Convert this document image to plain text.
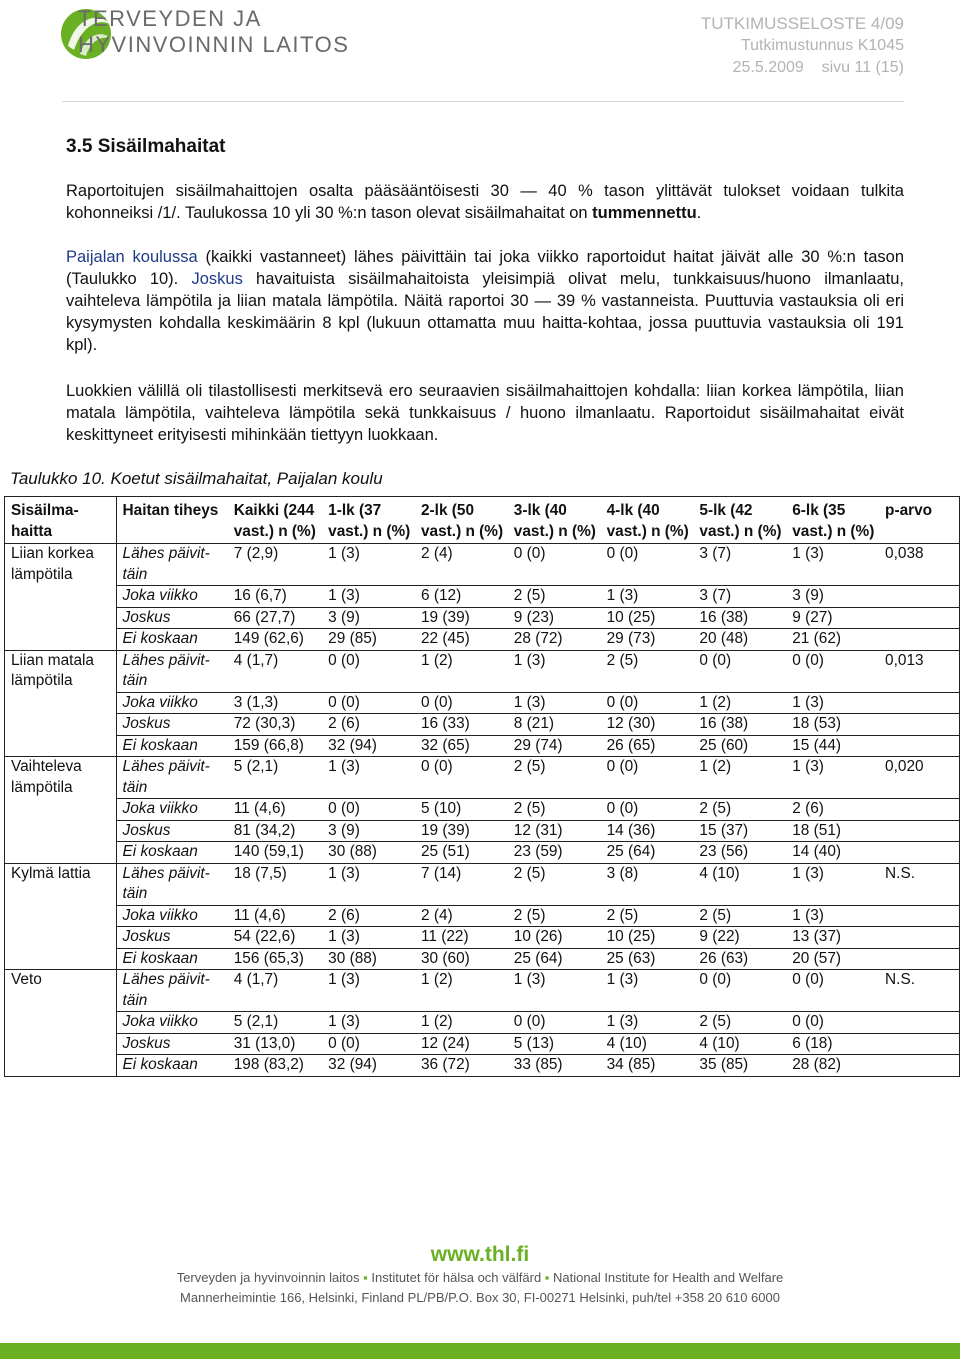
TERVEYDEN JA
HYVINVOINNIN LAITOS
TUTKIMUSSELOSTE 4/09
Tutkimustunnus K1045
25.5.2009    sivu 11 (15)
3.5 Sisäilmahaitat
Raportoitujen sisäilmahaittojen osalta pääsääntöisesti 30 — 40 % tason ylittävät tulokset voidaan tulkita kohonneiksi /1/. Taulukossa 10 yli 30 %:n tason olevat sisäilmahaitat on tummennettu.
Paijalan koulussa (kaikki vastanneet) lähes päivittäin tai joka viikko raportoidut haitat jäivät alle 30 %:n tason (Taulukko 10). Joskus havaituista sisäilmahaitoista yleisimpiä olivat melu, tunkkaisuus/huono ilmanlaatu, vaihteleva lämpötila ja liian matala lämpötila. Näitä raportoi 30 — 39 % vastanneista. Puuttuvia vastauksia oli eri kysymysten kohdalla keskimäärin 8 kpl (lukuun ottamatta muu haitta-kohtaa, jossa puuttuvia vastauksia oli 191 kpl).
Luokkien välillä oli tilastollisesti merkitsevä ero seuraavien sisäilmahaittojen kohdalla: liian korkea lämpötila, liian matala lämpötila, vaihteleva lämpötila sekä tunkkaisuus / huono ilmanlaatu. Raportoidut sisäilmahaitat eivät keskittyneet erityisesti mihinkään tiettyyn luokkaan.
Taulukko 10. Koetut sisäilmahaitat, Paijalan koulu
Sisäilma-haitta	Haitan tiheys	Kaikki (244 vast.) n (%)	1-lk (37 vast.) n (%)	2-lk (50 vast.) n (%)	3-lk (40 vast.) n (%)	4-lk (40 vast.) n (%)	5-lk (42 vast.) n (%)	6-lk (35 vast.) n (%)	p-arvo
Liian korkea lämpötila	Lähes päivit-täin	7 (2,9)	1 (3)	2 (4)	0 (0)	0 (0)	3 (7)	1 (3)	0,038
	Joka viikko	16 (6,7)	1 (3)	6 (12)	2 (5)	1 (3)	3 (7)	3 (9)	
	Joskus	66 (27,7)	3 (9)	19 (39)	9 (23)	10 (25)	16 (38)	9 (27)	
	Ei koskaan	149 (62,6)	29 (85)	22 (45)	28 (72)	29 (73)	20 (48)	21 (62)	
Liian matala lämpötila	Lähes päivit-täin	4 (1,7)	0 (0)	1 (2)	1 (3)	2 (5)	0 (0)	0 (0)	0,013
	Joka viikko	3 (1,3)	0 (0)	0 (0)	1 (3)	0 (0)	1 (2)	1 (3)	
	Joskus	72 (30,3)	2 (6)	16 (33)	8 (21)	12 (30)	16 (38)	18 (53)	
	Ei koskaan	159 (66,8)	32 (94)	32 (65)	29 (74)	26 (65)	25 (60)	15 (44)	
Vaihteleva lämpötila	Lähes päivit-täin	5 (2,1)	1 (3)	0 (0)	2 (5)	0 (0)	1 (2)	1 (3)	0,020
	Joka viikko	11 (4,6)	0 (0)	5 (10)	2 (5)	0 (0)	2 (5)	2 (6)	
	Joskus	81 (34,2)	3 (9)	19 (39)	12 (31)	14 (36)	15 (37)	18 (51)	
	Ei koskaan	140 (59,1)	30 (88)	25 (51)	23 (59)	25 (64)	23 (56)	14 (40)	
Kylmä lattia	Lähes päivit-täin	18 (7,5)	1 (3)	7 (14)	2 (5)	3 (8)	4 (10)	1 (3)	N.S.
	Joka viikko	11 (4,6)	2 (6)	2 (4)	2 (5)	2 (5)	2 (5)	1 (3)	
	Joskus	54 (22,6)	1 (3)	11 (22)	10 (26)	10 (25)	9 (22)	13 (37)	
	Ei koskaan	156 (65,3)	30 (88)	30 (60)	25 (64)	25 (63)	26 (63)	20 (57)	
Veto	Lähes päivit-täin	4 (1,7)	1 (3)	1 (2)	1 (3)	1 (3)	0 (0)	0 (0)	N.S.
	Joka viikko	5 (2,1)	1 (3)	1 (2)	0 (0)	1 (3)	2 (5)	0 (0)	
	Joskus	31 (13,0)	0 (0)	12 (24)	5 (13)	4 (10)	4 (10)	6 (18)	
	Ei koskaan	198 (83,2)	32 (94)	36 (72)	33 (85)	34 (85)	35 (85)	28 (82)	
www.thl.fi
Terveyden ja hyvinvoinnin laitos ▪ Institutet för hälsa och välfärd ▪ National Institute for Health and Welfare
Mannerheimintie 166, Helsinki, Finland PL/PB/P.O. Box 30, FI-00271 Helsinki, puh/tel +358 20 610 6000
